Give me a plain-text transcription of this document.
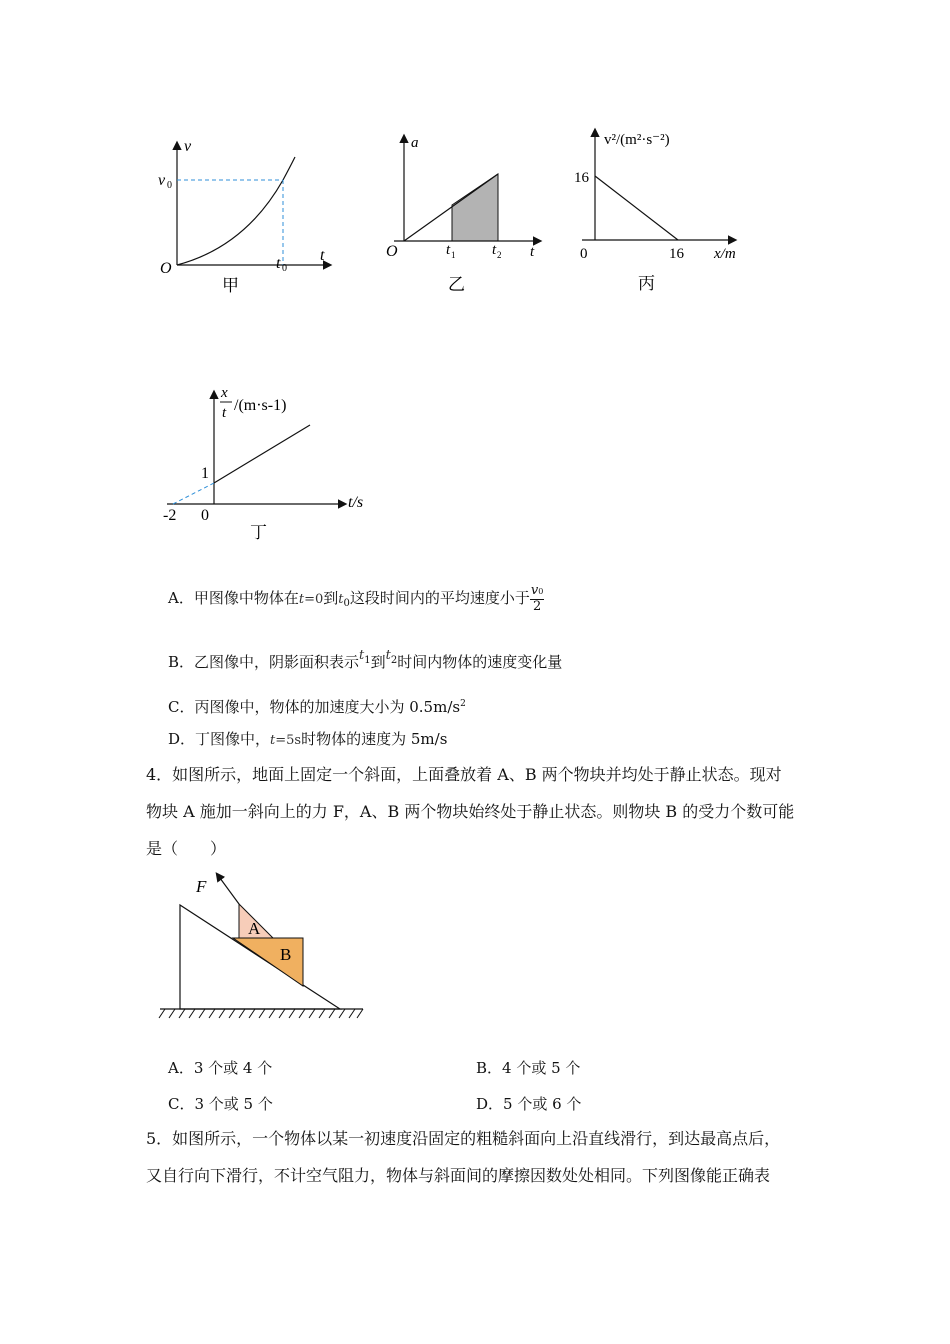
v
t
O
v 0
t 0
甲
a
t
O	t 1 t 2
乙
v²/(m²·s⁻²)
x/m
0
16
16
丙
x
t /(m·s-1)
t/s
1
0
-2
丁
A．甲图像中物体在t=0到$t_0$这段时间内的平均速度小于 $\frac{v0}{2}$
B．乙图像中，阴影面积表示$t^1$到$t^2$时间内物体的速度变化量
C．丙图像中，物体的加速度大小为 $0.5m/s^2$
D．丁图像中，t=5s时物体的速度为 5m/s
4．如图所示，地面上固定一个斜面，上面叠放着 A、B 两个物块并均处于静止状态。现对
物块 A 施加一斜向上的力 F，A、B 两个物块始终处于静止状态。则物块 B 的受力个数可能
是（　　）
F
A
B
A．3 个或 4 个	B．4 个或 5 个
C．3 个或 5 个	D．5 个或 6 个
5．如图所示，一个物体以某一初速度沿固定的粗糙斜面向上沿直线滑行，到达最高点后，
又自行向下滑行，不计空气阻力，物体与斜面间的摩擦因数处处相同。下列图像能正确表
